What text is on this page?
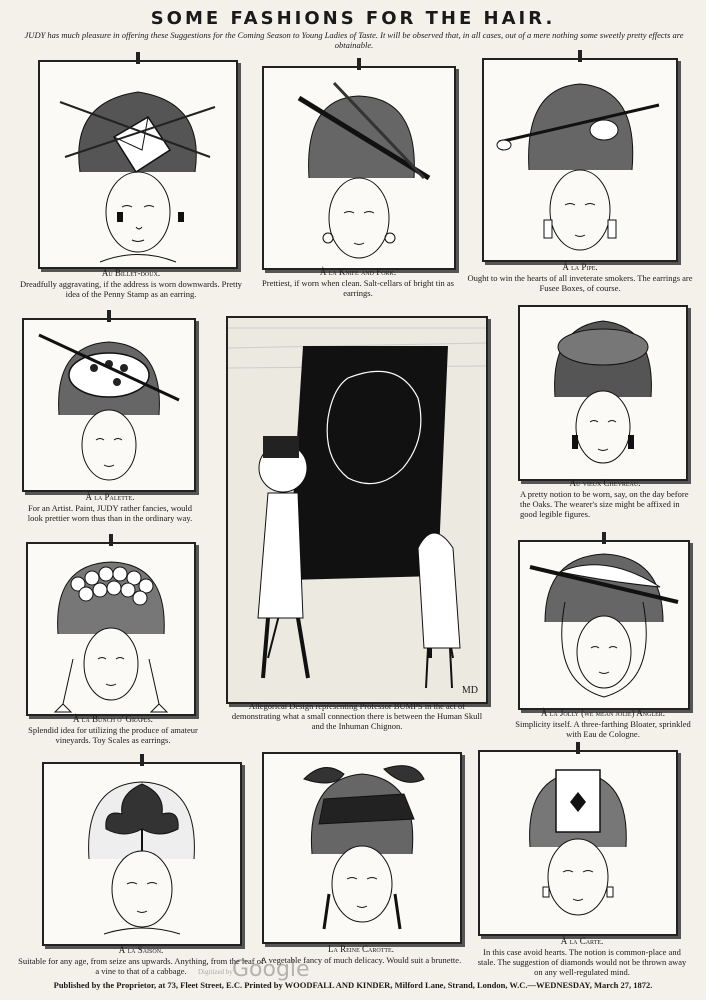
SOME FASHIONS FOR THE HAIR.
JUDY has much pleasure in offering these Suggestions for the Coming Season to Young Ladies of Taste. It will be observed that, in all cases, out of a mere nothing some sweetly pretty effects are obtainable.
Au Billet-doux.
Dreadfully aggravating, if the address is worn downwards. Pretty idea of the Penny Stamp as an earring.
À la Knife and Fork.
Prettiest, if worn when clean. Salt-cellars of bright tin as earrings.
À la Pipe.
Ought to win the hearts of all inveterate smokers. The earrings are Fusee Boxes, of course.
À la Palette.
For an Artist. Paint, JUDY rather fancies, would look prettier worn thus than in the ordinary way.
Au vieux Chevreau.
A pretty notion to be worn, say, on the day before the Oaks. The wearer's size might be affixed in good legible figures.
MD
Allegorical Design representing Professor BUMPS in the act of demonstrating what a small connection there is between the Human Skull and the Inhuman Chignon.
À la Bunch o' Grapes.
Splendid idea for utilizing the produce of amateur vineyards. Toy Scales as earrings.
À la Jolly (we mean jolie) Angler.
Simplicity itself. A three-farthing Bloater, sprinkled with Eau de Cologne.
À la Saison.
Suitable for any age, from seize ans upwards. Anything, from the leaf of a vine to that of a cabbage.
La Reine Carotte.
A vegetable fancy of much delicacy. Would suit a brunette.
À la Carte.
In this case avoid hearts. The notion is common-place and stale. The suggestion of diamonds would not be thrown away on any well-regulated mind.
Digitized by Google
Published by the Proprietor, at 73, Fleet Street, E.C. Printed by WOODFALL AND KINDER, Milford Lane, Strand, London, W.C.—WEDNESDAY, March 27, 1872.
